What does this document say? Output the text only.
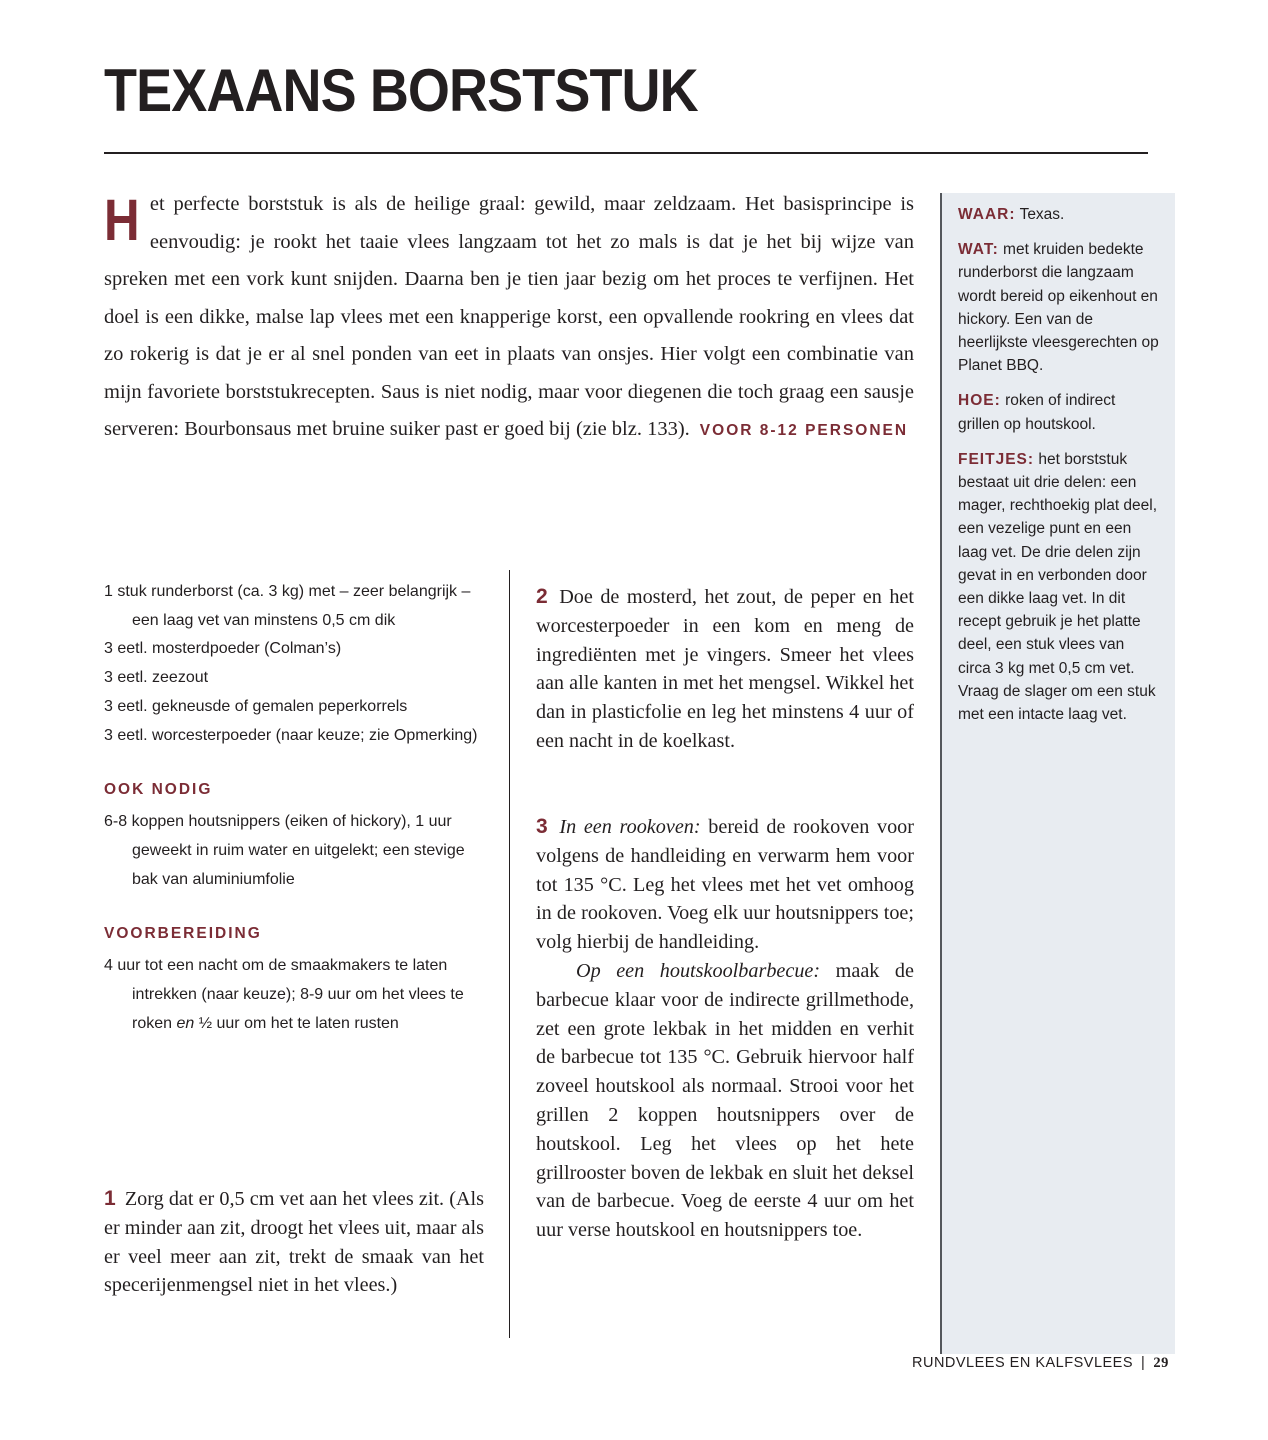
TEXAANS BORSTSTUK

Het perfecte borststuk is als de heilige graal: gewild, maar zeldzaam. Het basisprincipe is eenvoudig: je rookt het taaie vlees langzaam tot het zo mals is dat je het bij wijze van spreken met een vork kunt snijden. Daarna ben je tien jaar bezig om het proces te verfijnen. Het doel is een dikke, malse lap vlees met een knapperige korst, een opvallende rookring en vlees dat zo rokerig is dat je er al snel ponden van eet in plaats van onsjes. Hier volgt een combinatie van mijn favoriete borststukrecepten. Saus is niet nodig, maar voor diegenen die toch graag een sausje serveren: Bourbonsaus met bruine suiker past er goed bij (zie blz. 133). VOOR 8-12 PERSONEN

WAAR: Texas.

WAT: met kruiden bedekte runderborst die langzaam wordt bereid op eikenhout en hickory. Een van de heerlijkste vleesgerechten op Planet BBQ.

HOE: roken of indirect grillen op houtskool.

FEITJES: het borststuk bestaat uit drie delen: een mager, rechthoekig plat deel, een vezelige punt en een laag vet. De drie delen zijn gevat in en verbonden door een dikke laag vet. In dit recept gebruik je het platte deel, een stuk vlees van circa 3 kg met 0,5 cm vet. Vraag de slager om een stuk met een intacte laag vet.

1 stuk runderborst (ca. 3 kg) met – zeer belangrijk – een laag vet van minstens 0,5 cm dik
3 eetl. mosterdpoeder (Colman’s)
3 eetl. zeezout
3 eetl. gekneusde of gemalen peperkorrels
3 eetl. worcesterpoeder (naar keuze; zie Opmerking)
OOK NODIG
6-8 koppen houtsnippers (eiken of hickory), 1 uur geweekt in ruim water en uitgelekt; een stevige bak van aluminiumfolie
VOORBEREIDING
4 uur tot een nacht om de smaakmakers te laten intrekken (naar keuze); 8-9 uur om het vlees te roken en ½ uur om het te laten rusten

1 Zorg dat er 0,5 cm vet aan het vlees zit. (Als er minder aan zit, droogt het vlees uit, maar als er veel meer aan zit, trekt de smaak van het specerijenmengsel niet in het vlees.)

2 Doe de mosterd, het zout, de peper en het worcesterpoeder in een kom en meng de ingrediënten met je vingers. Smeer het vlees aan alle kanten in met het mengsel. Wikkel het dan in plasticfolie en leg het minstens 4 uur of een nacht in de koelkast.

3 In een rookoven: bereid de rookoven voor volgens de handleiding en verwarm hem voor tot 135 °C. Leg het vlees met het vet omhoog in de rookoven. Voeg elk uur houtsnippers toe; volg hierbij de handleiding.

Op een houtskoolbarbecue: maak de barbecue klaar voor de indirecte grillmethode, zet een grote lekbak in het midden en verhit de barbecue tot 135 °C. Gebruik hiervoor half zoveel houtskool als normaal. Strooi voor het grillen 2 koppen houtsnippers over de houtskool. Leg het vlees op het hete grillrooster boven de lekbak en sluit het deksel van de barbecue. Voeg de eerste 4 uur om het uur verse houtskool en houtsnippers toe.

RUNDVLEES EN KALFSVLEES | 29
